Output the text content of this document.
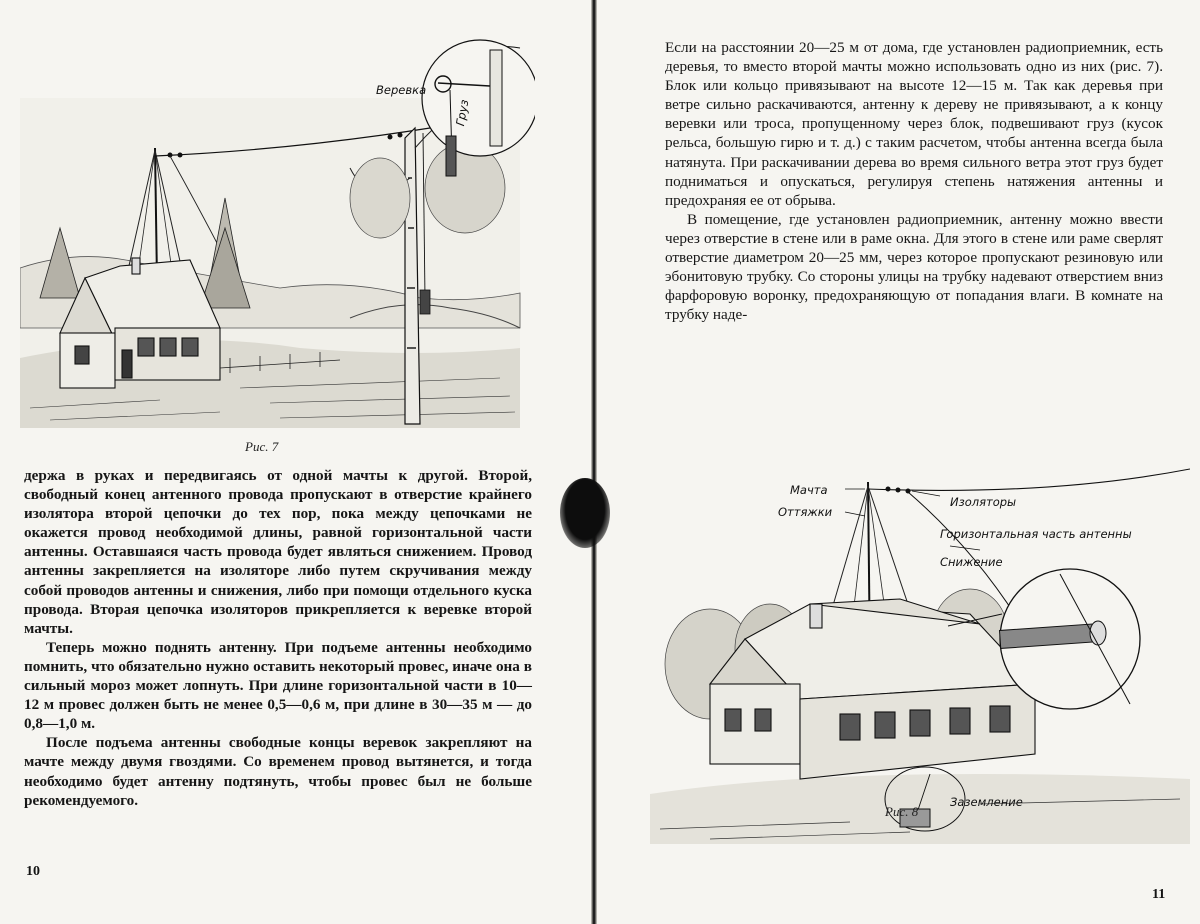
Веревка
Груз
Рис. 7

держа в руках и передвигаясь от одной мачты к другой. Второй, свободный конец антенного провода пропускают в отверстие крайнего изолятора второй цепочки до тех пор, пока между цепочками не окажется провод необходимой длины, равной горизонтальной части антенны. Оставшаяся часть провода будет являться снижением. Провод антенны закрепляется на изоляторе либо путем скручивания между собой проводов антенны и снижения, либо при помощи отдельного куска провода. Вторая цепочка изоляторов прикрепляется к веревке второй мачты.

Теперь можно поднять антенну. При подъеме антенны необходимо помнить, что обязательно нужно оставить некоторый провес, иначе она в сильный мороз может лопнуть. При длине горизонтальной части в 10—12 м провес должен быть не менее 0,5—0,6 м, при длине в 30—35 м — до 0,8—1,0 м.

После подъема антенны свободные концы веревок закрепляют на мачте между двумя гвоздями. Со временем провод вытянется, и тогда необходимо будет антенну подтянуть, чтобы провес был не больше рекомендуемого.

10

Если на расстоянии 20—25 м от дома, где установлен радиоприемник, есть деревья, то вместо второй мачты можно использовать одно из них (рис. 7). Блок или кольцо привязывают на высоте 12—15 м. Так как деревья при ветре сильно раскачиваются, антенну к дереву не привязывают, а к концу веревки или троса, пропущенному через блок, подвешивают груз (кусок рельса, большую гирю и т. д.) с таким расчетом, чтобы антенна всегда была натянута. При раскачивании дерева во время сильного ветра этот груз будет подниматься и опускаться, регулируя степень натяжения антенны и предохраняя ее от обрыва.

В помещение, где установлен радиоприемник, антенну можно ввести через отверстие в стене или в раме окна. Для этого в стене или раме сверлят отверстие диаметром 20—25 мм, через которое пропускают резиновую или эбонитовую трубку. Со стороны улицы на трубку надевают отверстием вниз фарфоровую воронку, предохраняющую от попадания влаги. В комнате на трубку наде-

Мачта
Оттяжки
Изоляторы
Горизонтальная часть антенны
Снижение
Заземление
Рис. 8
11
